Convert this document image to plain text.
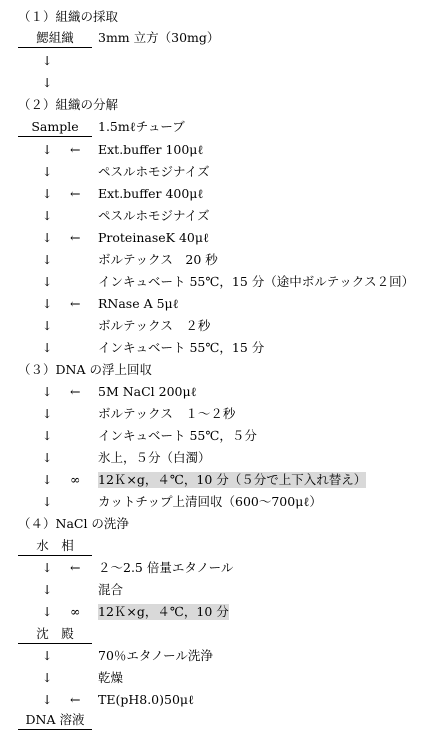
（１）組織の採取
鰓組織	3mm 立方（30mg）
↓
↓
（２）組織の分解
Sample	1.5mℓチューブ
↓ ← Ext.buffer 100μℓ
↓	ペスルホモジナイズ
↓ ← Ext.buffer 400μℓ
↓	ペスルホモジナイズ
↓ ← ProteinaseK 40μℓ
↓	ボルテックス　20 秒
↓	インキュベート 55℃，15 分（途中ボルテックス２回）
↓ ← RNase A 5μℓ
↓	ボルテックス　２秒
↓	インキュベート 55℃，15 分
（３）DNA の浮上回収
↓ ← 5M NaCl 200μℓ
↓	ボルテックス　１～２秒
↓	インキュベート 55℃，５分
↓	氷上，５分（白濁）
↓ ∞ 12Ｋ×g，４℃，10 分（５分で上下入れ替え）
↓	カットチップ上清回収（600～700μℓ）
（４）NaCl の洗浄
水　相
↓ ← ２～2.5 倍量エタノール
↓	混合
↓ ∞ 12Ｋ×g，４℃，10 分
沈　殿
↓	70％エタノール洗浄
↓	乾燥
↓ ← TE(pH8.0)50μℓ
DNA 溶液
